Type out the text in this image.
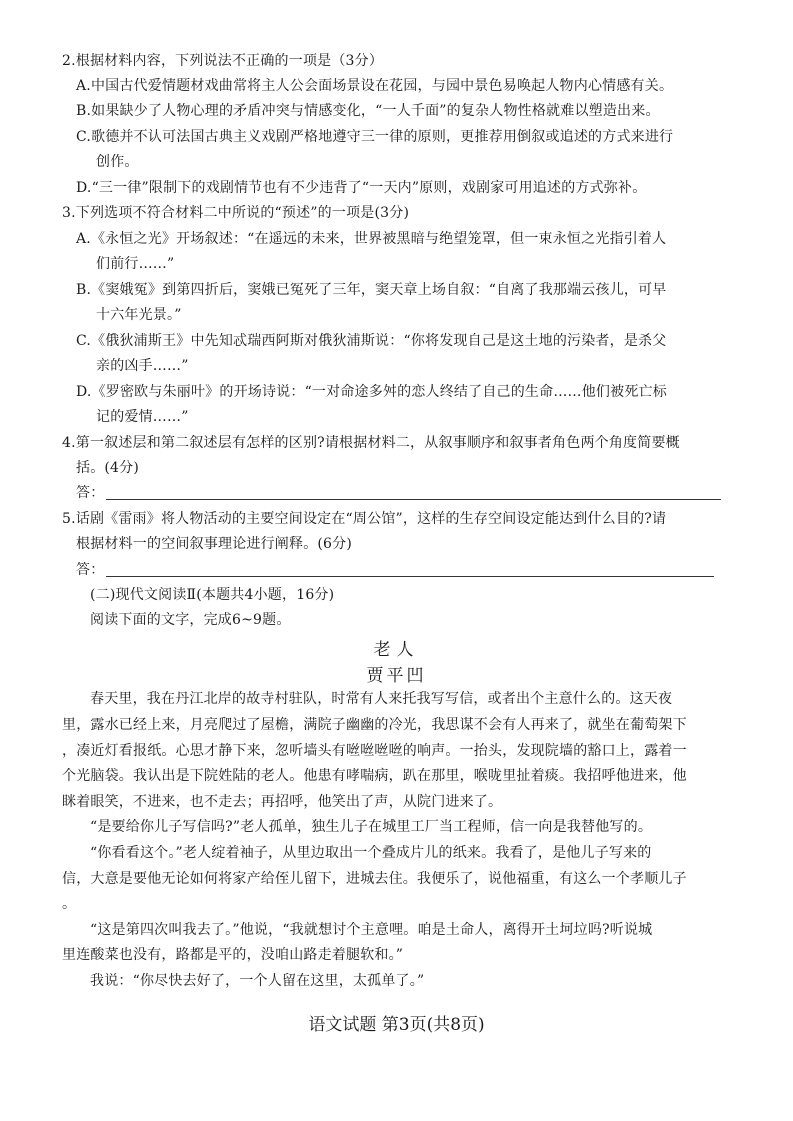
2.根据材料内容，下列说法不正确的一项是（3分）
A.中国古代爱情题材戏曲常将主人公会面场景设在花园，与园中景色易唤起人物内心情感有关。
B.如果缺少了人物心理的矛盾冲突与情感变化，“一人千面”的复杂人物性格就难以塑造出来。
C.歌德并不认可法国古典主义戏剧严格地遵守三一律的原则，更推荐用倒叙或追述的方式来进行
创作。
D.“三一律”限制下的戏剧情节也有不少违背了“一天内”原则，戏剧家可用追述的方式弥补。
3.下列选项不符合材料二中所说的“预述”的一项是(3分)
A.《永恒之光》开场叙述：“在遥远的未来，世界被黑暗与绝望笼罩，但一束永恒之光指引着人
们前行……”
B.《窦娥冤》到第四折后，窦娥已冤死了三年，窦天章上场自叙：“自离了我那端云孩儿，可早
十六年光景。”
C.《俄狄浦斯王》中先知忒瑞西阿斯对俄狄浦斯说：“你将发现自己是这土地的污染者，是杀父
亲的凶手……”
D.《罗密欧与朱丽叶》的开场诗说：“一对命途多舛的恋人终结了自己的生命……他们被死亡标
记的爱情……”
4.第一叙述层和第二叙述层有怎样的区别?请根据材料二，从叙事顺序和叙事者角色两个角度简要概
括。(4分)
答：
5.话剧《雷雨》将人物活动的主要空间设定在“周公馆”，这样的生存空间设定能达到什么目的?请
根据材料一的空间叙事理论进行阐释。(6分)
答：
(二)现代文阅读Ⅱ(本题共4小题，16分)
阅读下面的文字，完成6~9题。
老人
贾平凹
春天里，我在丹江北岸的故寺村驻队，时常有人来托我写写信，或者出个主意什么的。这天夜
里，露水已经上来，月亮爬过了屋檐，满院子幽幽的冷光，我思谋不会有人再来了，就坐在葡萄架下
，凑近灯看报纸。心思才静下来，忽听墙头有咝咝咝咝的响声。一抬头，发现院墙的豁口上，露着一
个光脑袋。我认出是下院姓陆的老人。他患有哮喘病，趴在那里，喉咙里扯着痰。我招呼他进来，他
眯着眼笑，不进来，也不走去；再招呼，他笑出了声，从院门进来了。
“是要给你儿子写信吗?”老人孤单，独生儿子在城里工厂当工程师，信一向是我替他写的。
“你看看这个。”老人绽着袖子，从里边取出一个叠成片儿的纸来。我看了，是他儿子写来的
信，大意是要他无论如何将家产给侄儿留下，进城去住。我便乐了，说他福重，有这么一个孝顺儿子
。
“这是第四次叫我去了。”他说，“我就想讨个主意哩。咱是土命人，离得开土坷垃吗?听说城
里连酸菜也没有，路都是平的，没咱山路走着腿软和。”
我说：“你尽快去好了，一个人留在这里，太孤单了。”
语文试题 第3页(共8页)
